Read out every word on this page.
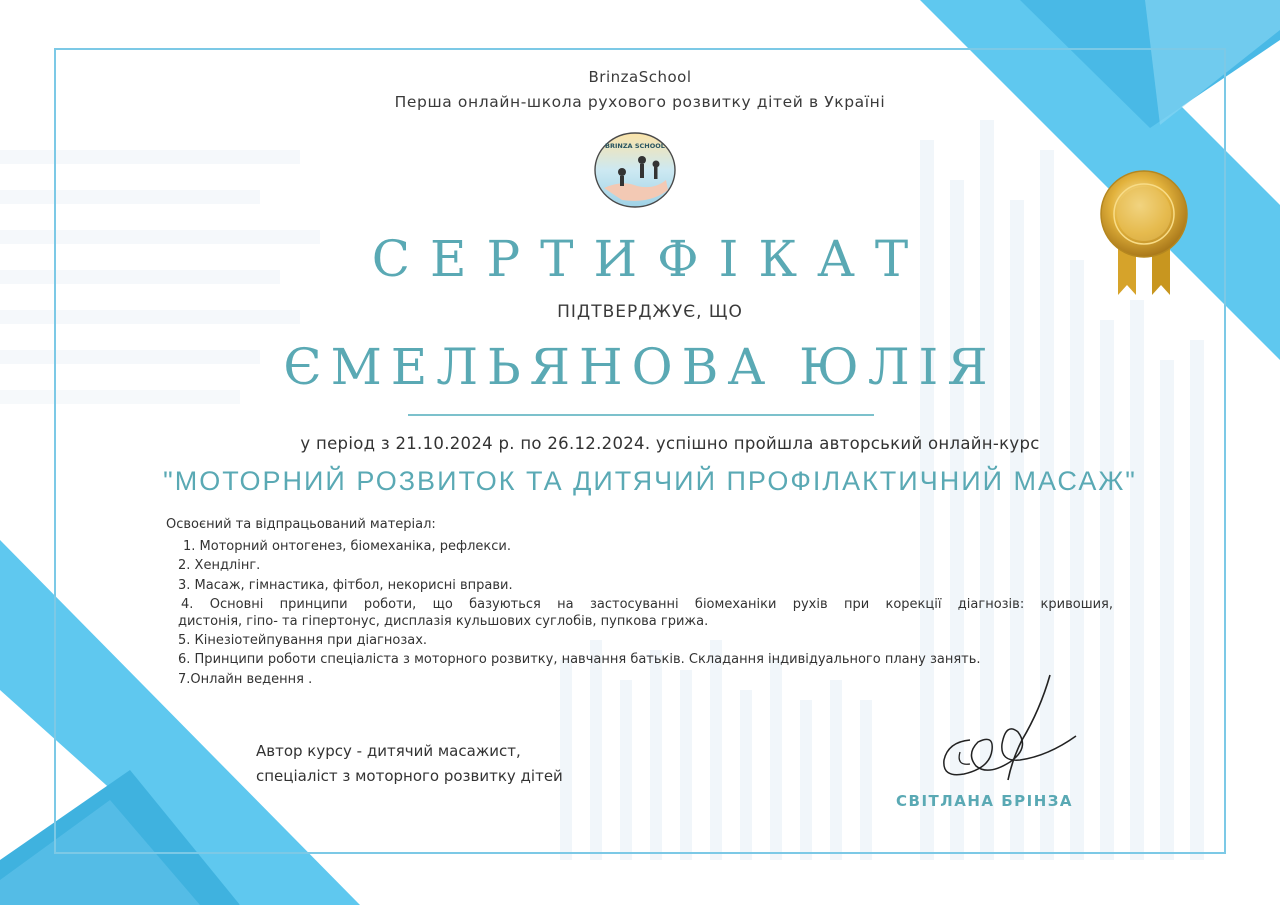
BrinzaSchool
Перша онлайн-школа рухового розвитку дітей в Україні
BRINZA SCHOOL
СЕРТИФІКАТ
ПІДТВЕРДЖУЄ, ЩО
ЄМЕЛЬЯНОВА ЮЛІЯ
у період з 21.10.2024 р. по 26.12.2024. успішно пройшла авторський онлайн-курс
"МОТОРНИЙ РОЗВИТОК ТА ДИТЯЧИЙ ПРОФІЛАКТИЧНИЙ МАСАЖ"
Освоєний та відпрацьований матеріал:
1. Моторний онтогенез, біомеханіка, рефлекси.
2. Хендлінг.
3. Масаж, гімнастика, фітбол, некорисні вправи.
4. Основні принципи роботи, що базуються на застосуванні біомеханіки рухів при корекції діагнозів: кривошия,
дистонія, гіпо- та гіпертонус, дисплазія кульшових суглобів, пупкова грижа.
5. Кінезіотейпування при діагнозах.
6. Принципи роботи спеціаліста з моторного розвитку, навчання батьків. Складання індивідуального плану занять.
7.Онлайн ведення .
Автор курсу - дитячий масажист,
спеціаліст з моторного розвитку дітей
СВІТЛАНА БРІНЗА
